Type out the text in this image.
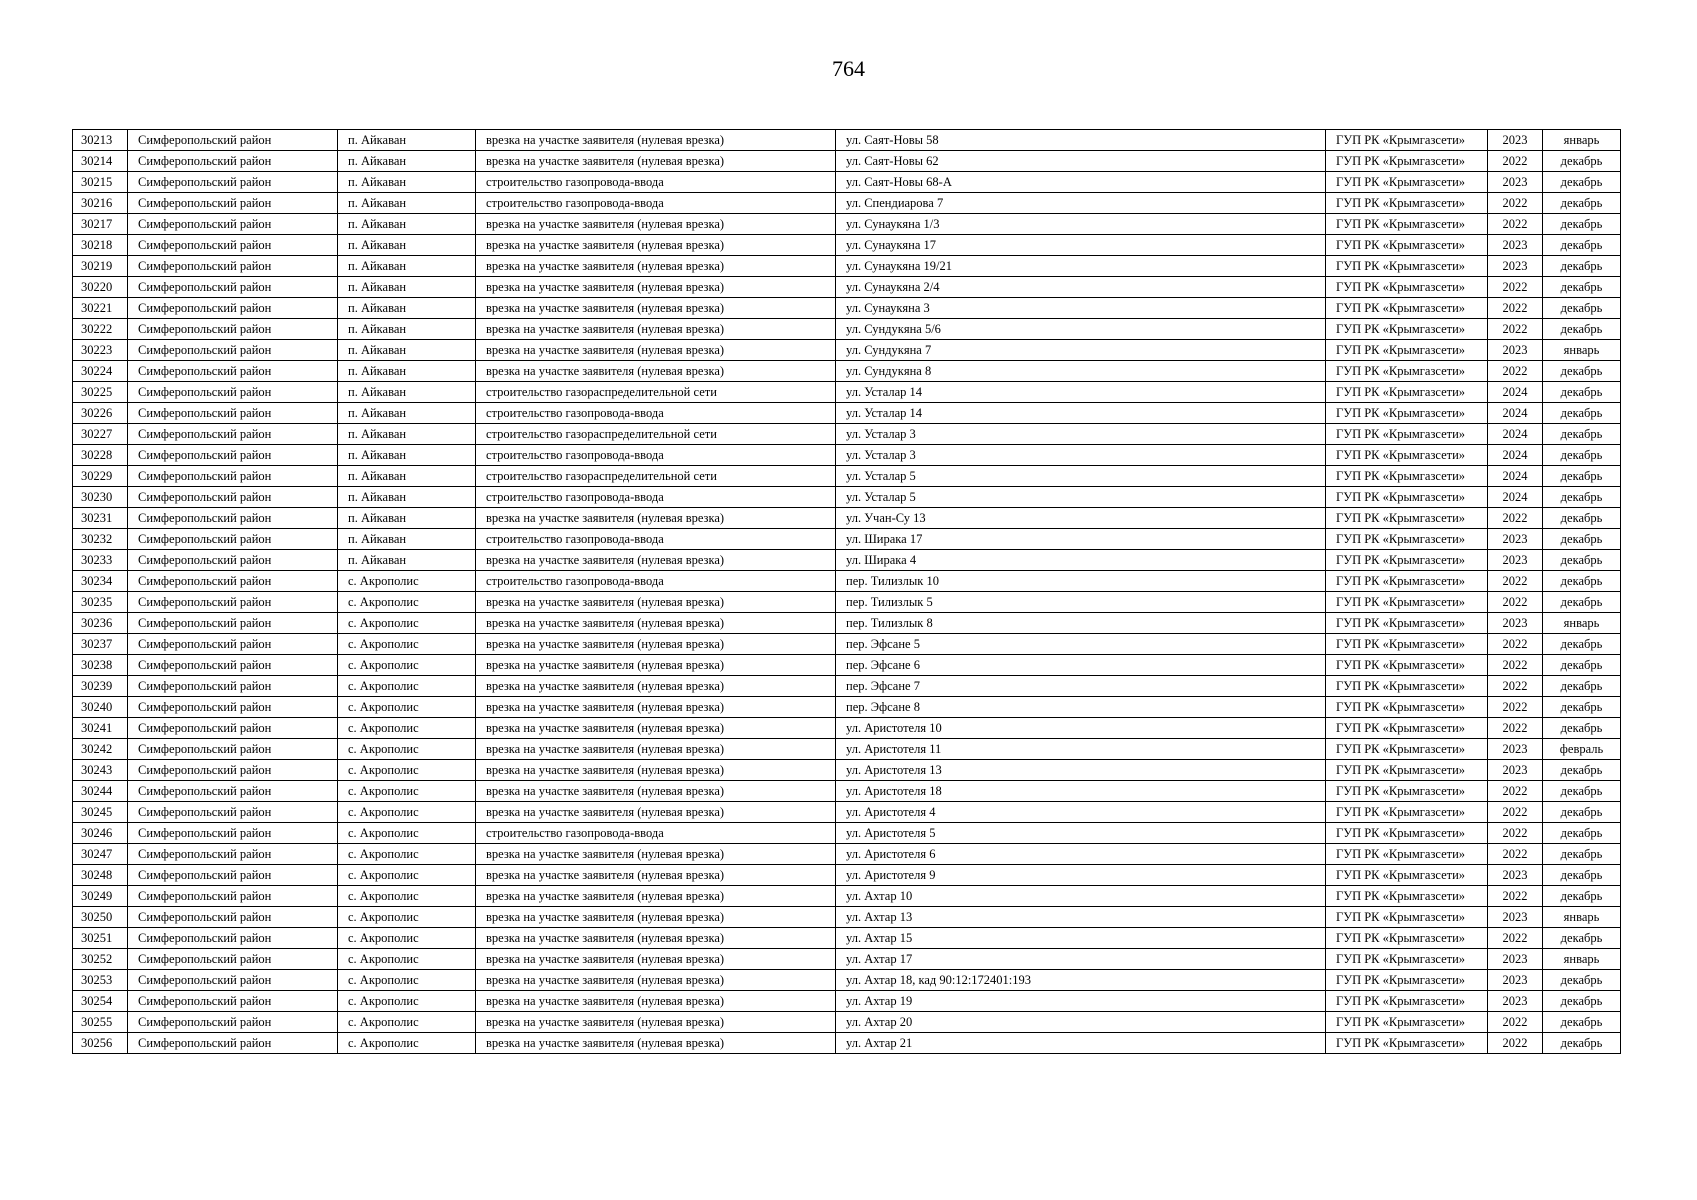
764
30213	Симферопольский район	п. Айкаван	врезка на участке заявителя (нулевая врезка)	ул. Саят-Новы 58	ГУП РК «Крымгазсети»	2023	январь
30214	Симферопольский район	п. Айкаван	врезка на участке заявителя (нулевая врезка)	ул. Саят-Новы 62	ГУП РК «Крымгазсети»	2022	декабрь
30215	Симферопольский район	п. Айкаван	строительство газопровода-ввода	ул. Саят-Новы 68-А	ГУП РК «Крымгазсети»	2023	декабрь
30216	Симферопольский район	п. Айкаван	строительство газопровода-ввода	ул. Спендиарова 7	ГУП РК «Крымгазсети»	2022	декабрь
30217	Симферопольский район	п. Айкаван	врезка на участке заявителя (нулевая врезка)	ул. Сунаукяна 1/3	ГУП РК «Крымгазсети»	2022	декабрь
30218	Симферопольский район	п. Айкаван	врезка на участке заявителя (нулевая врезка)	ул. Сунаукяна 17	ГУП РК «Крымгазсети»	2023	декабрь
30219	Симферопольский район	п. Айкаван	врезка на участке заявителя (нулевая врезка)	ул. Сунаукяна 19/21	ГУП РК «Крымгазсети»	2023	декабрь
30220	Симферопольский район	п. Айкаван	врезка на участке заявителя (нулевая врезка)	ул. Сунаукяна 2/4	ГУП РК «Крымгазсети»	2022	декабрь
30221	Симферопольский район	п. Айкаван	врезка на участке заявителя (нулевая врезка)	ул. Сунаукяна 3	ГУП РК «Крымгазсети»	2022	декабрь
30222	Симферопольский район	п. Айкаван	врезка на участке заявителя (нулевая врезка)	ул. Сундукяна 5/6	ГУП РК «Крымгазсети»	2022	декабрь
30223	Симферопольский район	п. Айкаван	врезка на участке заявителя (нулевая врезка)	ул. Сундукяна 7	ГУП РК «Крымгазсети»	2023	январь
30224	Симферопольский район	п. Айкаван	врезка на участке заявителя (нулевая врезка)	ул. Сундукяна 8	ГУП РК «Крымгазсети»	2022	декабрь
30225	Симферопольский район	п. Айкаван	строительство газораспределительной сети	ул. Усталар 14	ГУП РК «Крымгазсети»	2024	декабрь
30226	Симферопольский район	п. Айкаван	строительство газопровода-ввода	ул. Усталар 14	ГУП РК «Крымгазсети»	2024	декабрь
30227	Симферопольский район	п. Айкаван	строительство газораспределительной сети	ул. Усталар 3	ГУП РК «Крымгазсети»	2024	декабрь
30228	Симферопольский район	п. Айкаван	строительство газопровода-ввода	ул. Усталар 3	ГУП РК «Крымгазсети»	2024	декабрь
30229	Симферопольский район	п. Айкаван	строительство газораспределительной сети	ул. Усталар 5	ГУП РК «Крымгазсети»	2024	декабрь
30230	Симферопольский район	п. Айкаван	строительство газопровода-ввода	ул. Усталар 5	ГУП РК «Крымгазсети»	2024	декабрь
30231	Симферопольский район	п. Айкаван	врезка на участке заявителя (нулевая врезка)	ул. Учан-Су 13	ГУП РК «Крымгазсети»	2022	декабрь
30232	Симферопольский район	п. Айкаван	строительство газопровода-ввода	ул. Ширака 17	ГУП РК «Крымгазсети»	2023	декабрь
30233	Симферопольский район	п. Айкаван	врезка на участке заявителя (нулевая врезка)	ул. Ширака 4	ГУП РК «Крымгазсети»	2023	декабрь
30234	Симферопольский район	с. Акрополис	строительство газопровода-ввода	пер. Тилизлык 10	ГУП РК «Крымгазсети»	2022	декабрь
30235	Симферопольский район	с. Акрополис	врезка на участке заявителя (нулевая врезка)	пер. Тилизлык 5	ГУП РК «Крымгазсети»	2022	декабрь
30236	Симферопольский район	с. Акрополис	врезка на участке заявителя (нулевая врезка)	пер. Тилизлык 8	ГУП РК «Крымгазсети»	2023	январь
30237	Симферопольский район	с. Акрополис	врезка на участке заявителя (нулевая врезка)	пер. Эфсане 5	ГУП РК «Крымгазсети»	2022	декабрь
30238	Симферопольский район	с. Акрополис	врезка на участке заявителя (нулевая врезка)	пер. Эфсане 6	ГУП РК «Крымгазсети»	2022	декабрь
30239	Симферопольский район	с. Акрополис	врезка на участке заявителя (нулевая врезка)	пер. Эфсане 7	ГУП РК «Крымгазсети»	2022	декабрь
30240	Симферопольский район	с. Акрополис	врезка на участке заявителя (нулевая врезка)	пер. Эфсане 8	ГУП РК «Крымгазсети»	2022	декабрь
30241	Симферопольский район	с. Акрополис	врезка на участке заявителя (нулевая врезка)	ул. Аристотеля 10	ГУП РК «Крымгазсети»	2022	декабрь
30242	Симферопольский район	с. Акрополис	врезка на участке заявителя (нулевая врезка)	ул. Аристотеля 11	ГУП РК «Крымгазсети»	2023	февраль
30243	Симферопольский район	с. Акрополис	врезка на участке заявителя (нулевая врезка)	ул. Аристотеля 13	ГУП РК «Крымгазсети»	2023	декабрь
30244	Симферопольский район	с. Акрополис	врезка на участке заявителя (нулевая врезка)	ул. Аристотеля 18	ГУП РК «Крымгазсети»	2022	декабрь
30245	Симферопольский район	с. Акрополис	врезка на участке заявителя (нулевая врезка)	ул. Аристотеля 4	ГУП РК «Крымгазсети»	2022	декабрь
30246	Симферопольский район	с. Акрополис	строительство газопровода-ввода	ул. Аристотеля 5	ГУП РК «Крымгазсети»	2022	декабрь
30247	Симферопольский район	с. Акрополис	врезка на участке заявителя (нулевая врезка)	ул. Аристотеля 6	ГУП РК «Крымгазсети»	2022	декабрь
30248	Симферопольский район	с. Акрополис	врезка на участке заявителя (нулевая врезка)	ул. Аристотеля 9	ГУП РК «Крымгазсети»	2023	декабрь
30249	Симферопольский район	с. Акрополис	врезка на участке заявителя (нулевая врезка)	ул. Ахтар 10	ГУП РК «Крымгазсети»	2022	декабрь
30250	Симферопольский район	с. Акрополис	врезка на участке заявителя (нулевая врезка)	ул. Ахтар 13	ГУП РК «Крымгазсети»	2023	январь
30251	Симферопольский район	с. Акрополис	врезка на участке заявителя (нулевая врезка)	ул. Ахтар 15	ГУП РК «Крымгазсети»	2022	декабрь
30252	Симферопольский район	с. Акрополис	врезка на участке заявителя (нулевая врезка)	ул. Ахтар 17	ГУП РК «Крымгазсети»	2023	январь
30253	Симферопольский район	с. Акрополис	врезка на участке заявителя (нулевая врезка)	ул. Ахтар 18, кад 90:12:172401:193	ГУП РК «Крымгазсети»	2023	декабрь
30254	Симферопольский район	с. Акрополис	врезка на участке заявителя (нулевая врезка)	ул. Ахтар 19	ГУП РК «Крымгазсети»	2023	декабрь
30255	Симферопольский район	с. Акрополис	врезка на участке заявителя (нулевая врезка)	ул. Ахтар 20	ГУП РК «Крымгазсети»	2022	декабрь
30256	Симферопольский район	с. Акрополис	врезка на участке заявителя (нулевая врезка)	ул. Ахтар 21	ГУП РК «Крымгазсети»	2022	декабрь
